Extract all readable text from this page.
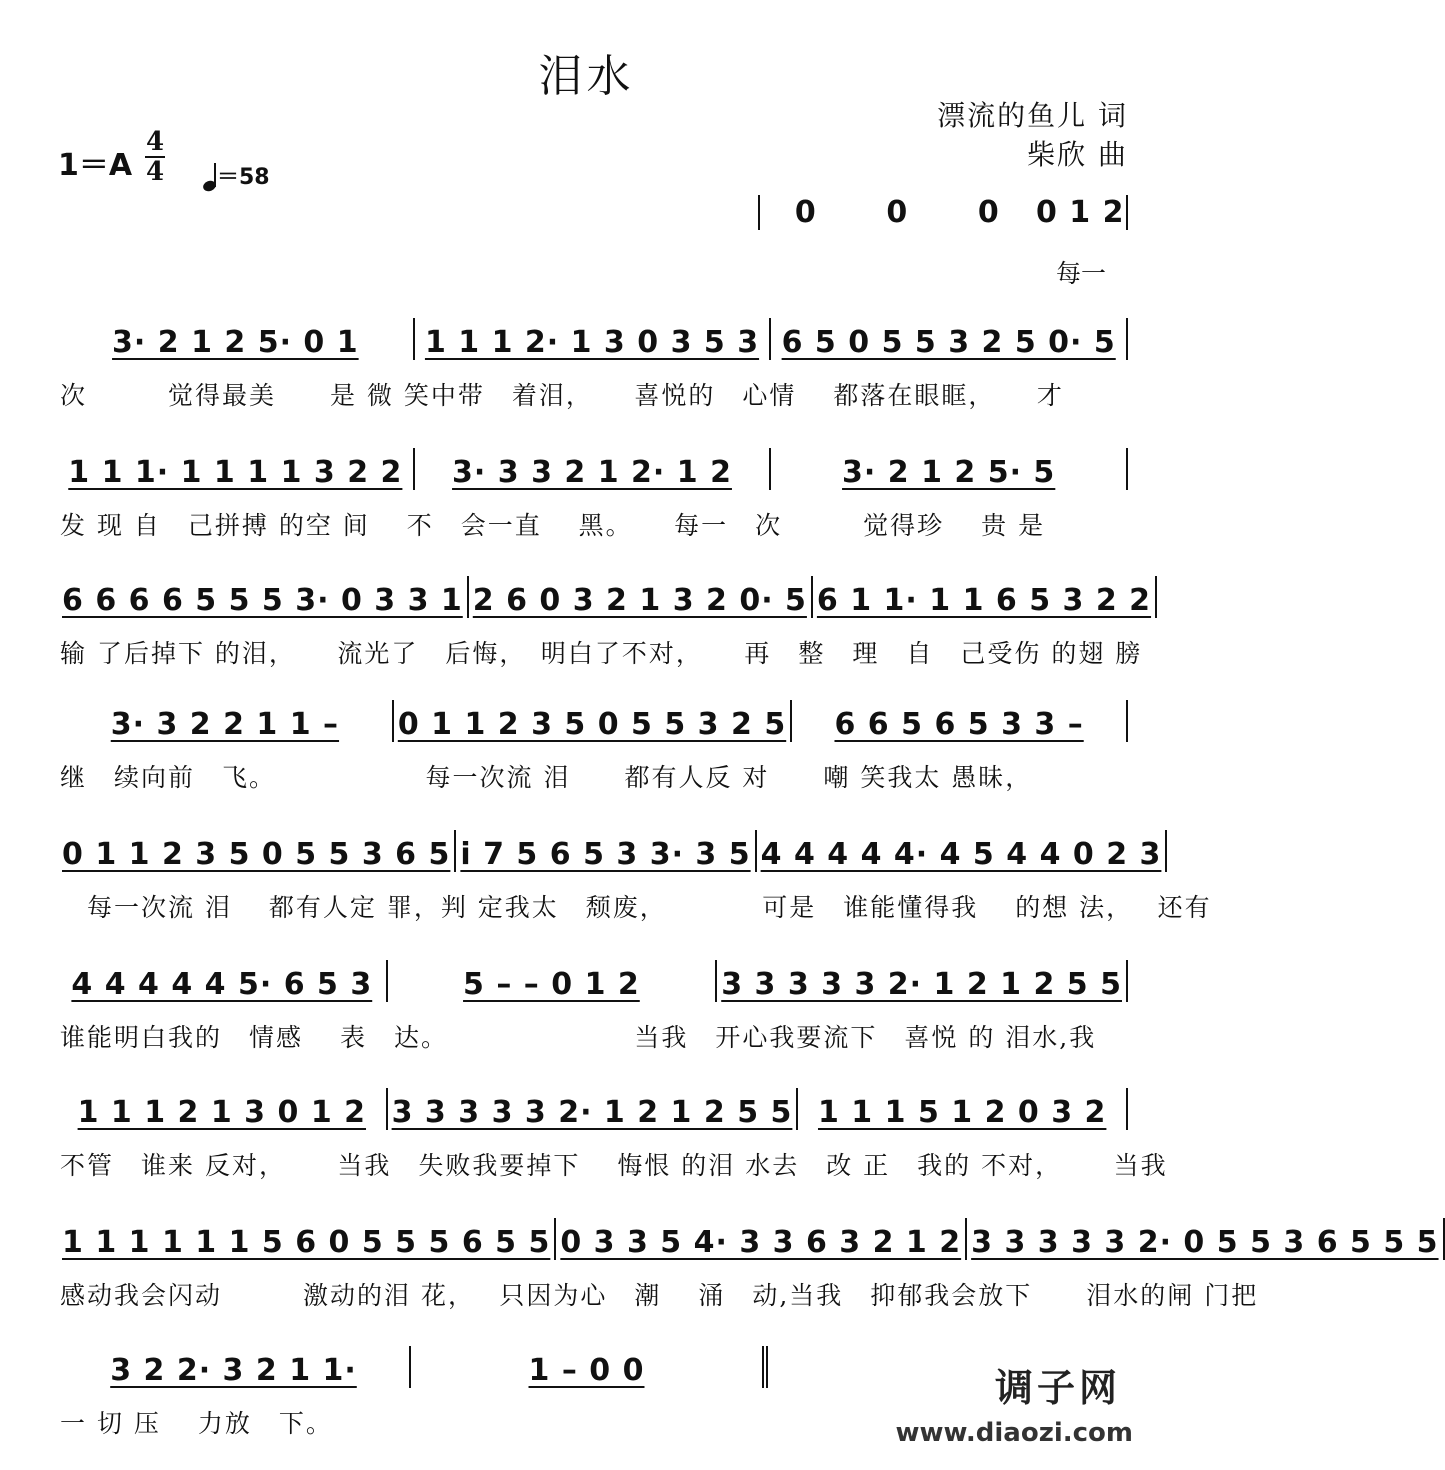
泪水
漂流的鱼儿 词
柴欣 曲
1＝A
4
4	＝58
0	0	0	0 1 2
每一
3· 2 1 2 5· 0 1 1 1 1 2· 1 3 0 3 5 3 6 5 0 5 5 3 2 5 0· 5
次　　　觉得最美　　是 微 笑中带　着泪，　　喜悦的　心情　 都落在眼眶，　　才
1 1 1· 1 1 1 1 3 2 2 3· 3 3 2 1 2· 1 2	3· 2 1 2 5· 5
发 现 自　己拼搏 的空 间　 不　会一直　 黑。　　每一　次　　　觉得珍　 贵 是
6 6 6 6 5 5 5 3· 0 3 3 1 2 6 0 3 2 1 3 2 0· 5 6 1 1· 1 1 6 5 3 2 2
输 了后掉下 的泪，　　流光了　后悔，　明白了不对，　　再　整　理　自　己受伤 的翅 膀
3· 3 2 2 1 1 – 0 1 1 2 3 5 0 5 5 3 2 5 6 6 5 6 5 3 3 –
继　续向前　飞。　　　　　　每一次流 泪　　都有人反 对　　嘲 笑我太 愚昧，
0 1 1 2 3 5 0 5 5 3 6 5 i 7 5 6 5 3 3· 3 5 4 4 4 4 4· 4 5 4 4 0 2 3
　每一次流 泪　 都有人定 罪，判 定我太　颓废，　　　　可是　谁能懂得我　 的想 法，　 还有
4 4 4 4 4 5· 6 5 3	5 – – 0 1 2	3 3 3 3 3 2· 1 2 1 2 5 5
谁能明白我的　情感　 表　达。　　　　　　　 当我　开心我要流下　喜悦 的 泪水,我
1 1 1 2 1 3 0 1 2 3 3 3 3 3 2· 1 2 1 2 5 5 1 1 1 5 1 2 0 3 2
不管　谁来 反对，　　 当我　失败我要掉下　 悔恨 的泪 水去　改 正　我的 不对，　　 当我
1 1 1 1 1 1 5 6 0 5 5 5 6 5 5 0 3 3 5 4· 3 3 6 3 2 1 2 3 3 3 3 3 2· 0 5 5 3 6 5 5 5
感动我会闪动　　　激动的泪 花，　 只因为心　潮　 涌　动,当我　抑郁我会放下　　泪水的闸 门把
3 2 2· 3 2 1 1·	1 – 0 0
一 切 压　 力放　下。
调子网
www.diaozi.com
